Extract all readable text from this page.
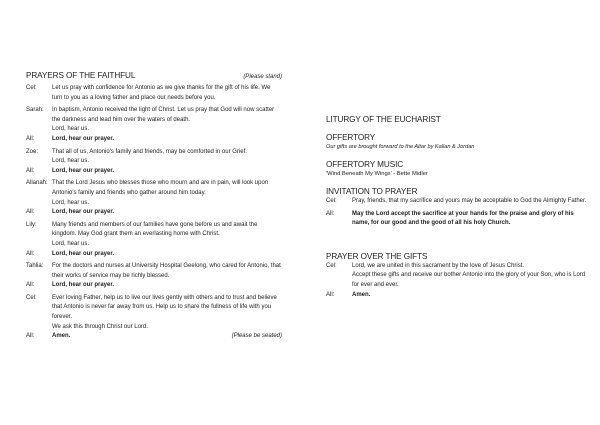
PRAYERS OF THE FAITHFUL	(Please stand)
Cel:	Let us pray with confidence for Antonio as we give thanks for the gift of his life. We turn to you as a loving father and place our needs before you.
Sarah:	In baptism, Antonio received the light of Christ. Let us pray that God will now scatter the darkness and lead him over the waters of death.
Lord, hear us.
All:	Lord, hear our prayer.
Zoe:	That all of us, Antonio's family and friends, may be comforted in our Grief.
Lord, hear us.
All:	Lord, hear our prayer.
Allanah: That the Lord Jesus who blesses those who mourn and are in pain, will look upon Antonio's family and friends who gather around him today.
Lord, hear us.
All:	Lord, hear our prayer.
Lily:	Many friends and members of our families have gone before us and await the kingdom. May God grant them an everlasting home with Christ.
Lord, hear us.
All:	Lord, hear our prayer.
Tahlia:	For the doctors and nurses at University Hospital Geelong, who cared for Antonio, that their works of service may be richly blessed.
All:	Lord, hear our prayer.
Cel:	Ever loving Father, help us to live our lives gently with others and to trust and believe that Antonio is never far away from us. Help us to share the fullness of life with you forever.
We ask this through Christ our Lord.
All:	Amen.	(Please be seated)
LITURGY OF THE EUCHARIST
OFFERTORY
Our gifts are brought forward to the Altar by Kallan & Jordan
OFFERTORY MUSIC
'Wind Beneath My Wings' - Bette Midler
INVITATION TO PRAYER
Cel:	Pray, friends, that my sacrifice and yours may be acceptable to God the Almighty Father.
All:	May the Lord accept the sacrifice at your hands for the praise and glory of his name, for our good and the good of all his holy Church.
PRAYER OVER THE GIFTS
Cel:	Lord, we are united in this sacrament by the love of Jesus Christ.
Accept these gifts and receive our bother Antonio into the glory of your Son, who is Lord for ever and ever.
All:	Amen.
